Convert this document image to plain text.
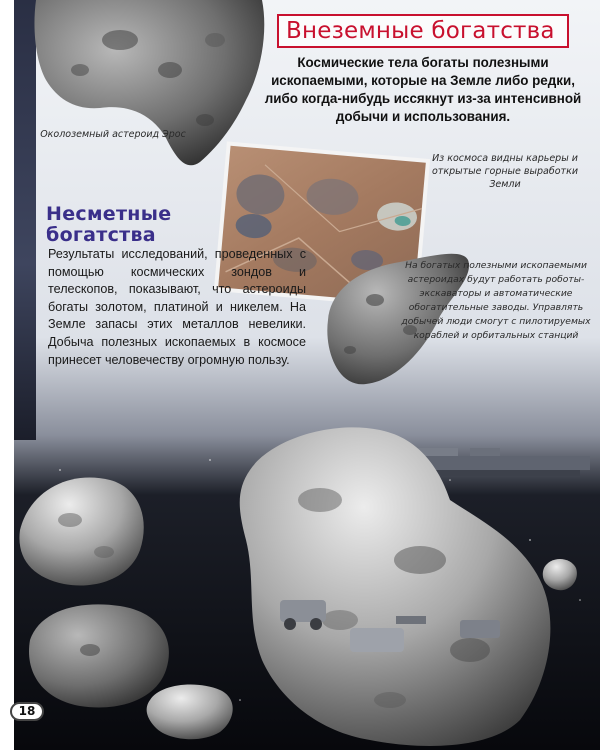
Внеземные богатства

Космические тела богаты полезными ископаемыми, которые на Земле либо редки, либо когда-нибудь иссякнут из-за интенсивной добычи и использования.

Околоземный астероид Эрос

Из космоса видны карьеры и открытые горные выработки Земли

На богатых полезными ископаемыми астероидах будут работать роботы-экскаваторы и автоматические обогатительные заводы. Управлять добычей люди смогут с пилотируемых кораблей и орбитальных станций

Несметные богатства

Результаты исследований, проведенных с помощью космических зондов и телескопов, показывают, что астероиды богаты золотом, платиной и никелем. На Земле запасы этих металлов невелики. Добыча полезных ископаемых в космосе принесет человечеству огромную пользу.

18
